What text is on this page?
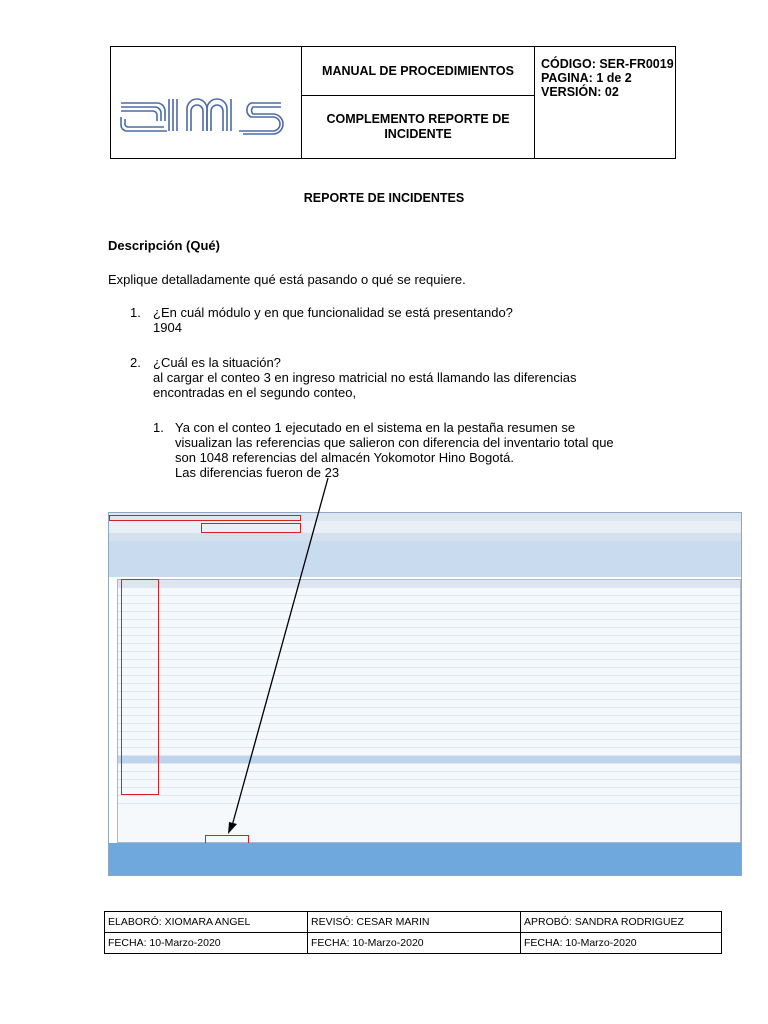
	MANUAL DE PROCEDIMIENTOS	CÓDIGO: SER-FR0019
PAGINA: 1 de 2
VERSIÓN: 02

COMPLEMENTO REPORTE DE INCIDENTE
REPORTE DE INCIDENTES
Descripción (Qué)
Explique detalladamente qué está pasando o qué se requiere.
1. ¿En cuál módulo y en que funcionalidad se está presentando?
1904
2. ¿Cuál es la situación?
al cargar el conteo 3 en ingreso matricial no está llamando las diferencias
encontradas en el segundo conteo,
1. Ya con el conteo 1 ejecutado en el sistema en la pestaña resumen se
visualizan las referencias que salieron con diferencia del inventario total que
son 1048 referencias del almacén Yokomotor Hino Bogotá.
Las diferencias fueron de 23
ELABORÓ: XIOMARA ANGEL	REVISÓ: CESAR MARIN	APROBÓ: SANDRA RODRIGUEZ
FECHA: 10-Marzo-2020	FECHA: 10-Marzo-2020	FECHA: 10-Marzo-2020
